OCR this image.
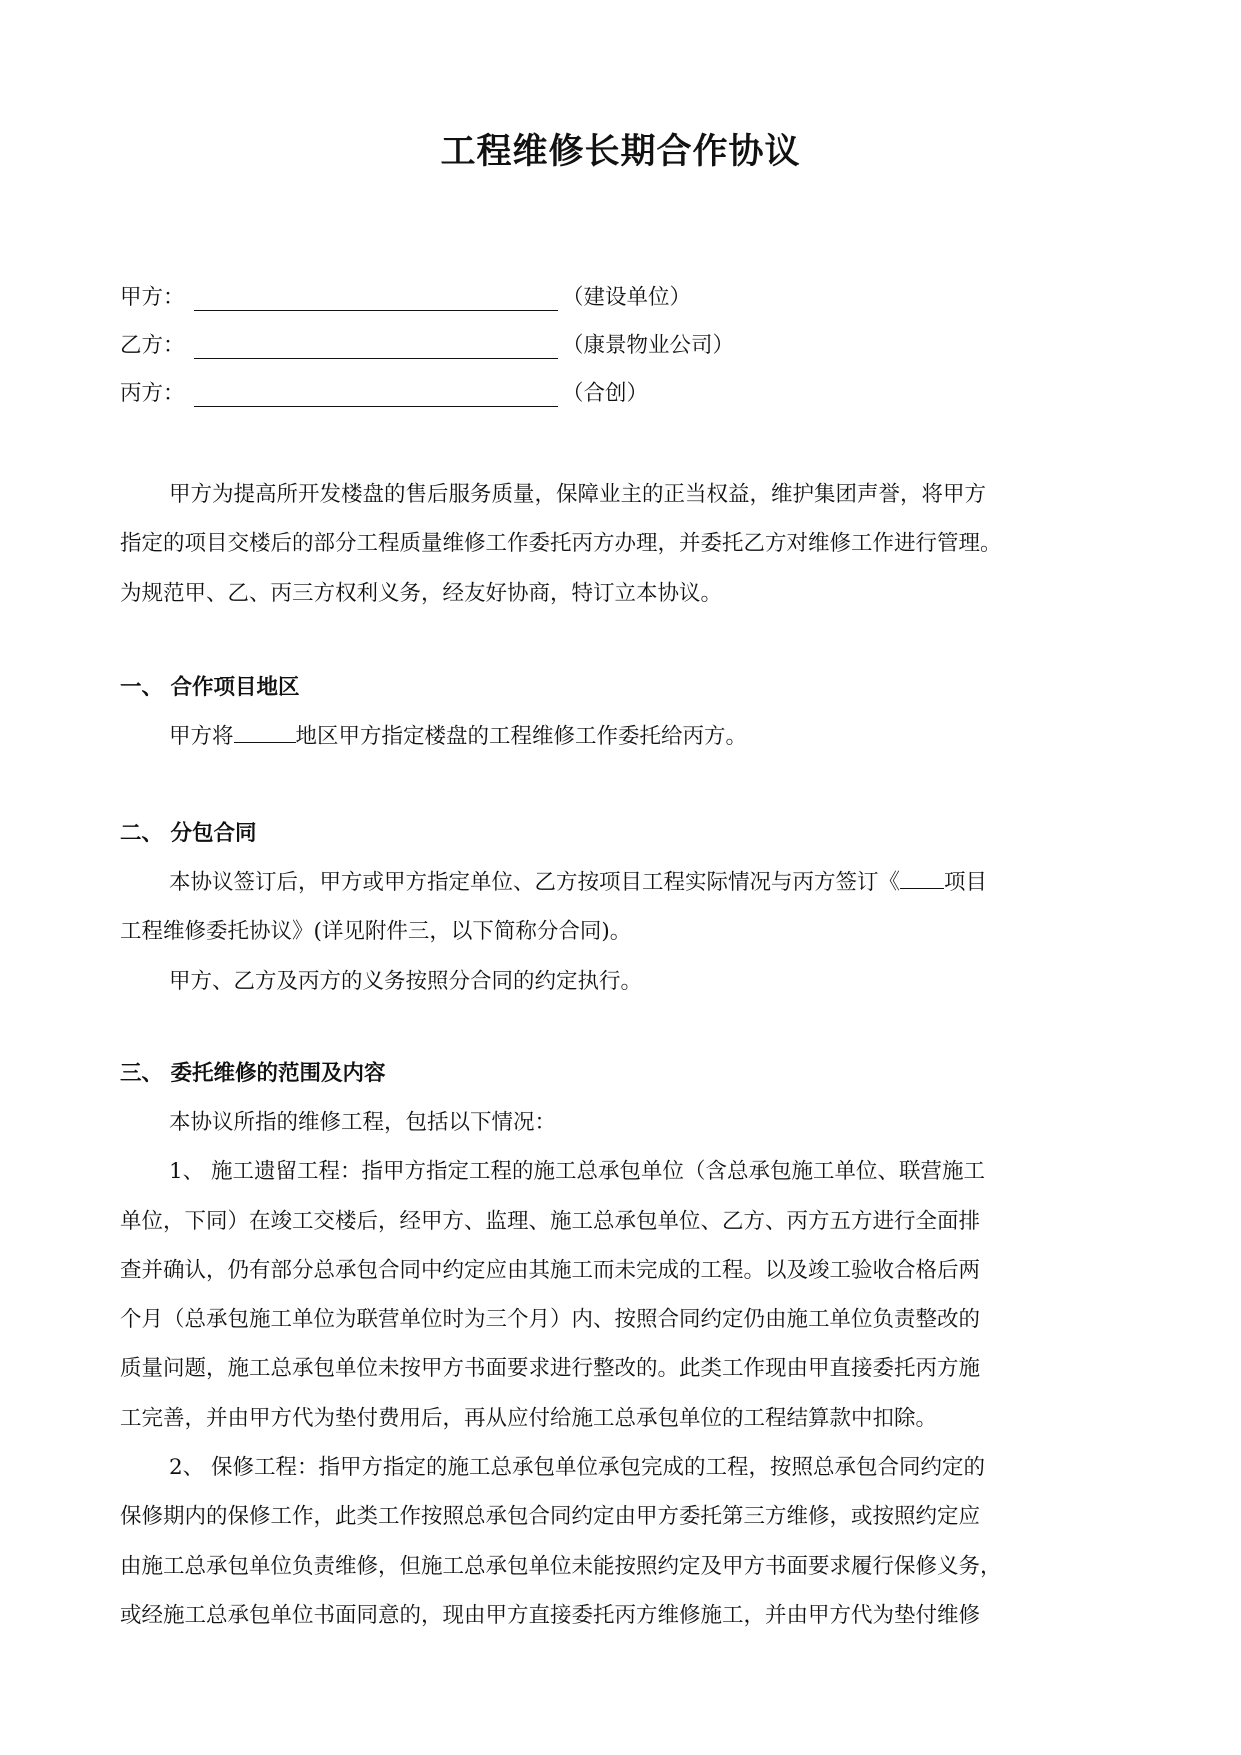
工程维修长期合作协议
甲方：	（建设单位）
乙方：	（康景物业公司）
丙方：	（合创）
甲方为提高所开发楼盘的售后服务质量，保障业主的正当权益，维护集团声誉，将甲方
指定的项目交楼后的部分工程质量维修工作委托丙方办理，并委托乙方对维修工作进行管理。
为规范甲、乙、丙三方权利义务，经友好协商，特订立本协议。
一、 合作项目地区
甲方将	地区甲方指定楼盘的工程维修工作委托给丙方。
二、 分包合同
本协议签订后，甲方或甲方指定单位、乙方按项目工程实际情况与丙方签订《 项目
工程维修委托协议》(详见附件三，以下简称分合同)。
甲方、乙方及丙方的义务按照分合同的约定执行。
三、 委托维修的范围及内容
本协议所指的维修工程，包括以下情况：
1、 施工遗留工程：指甲方指定工程的施工总承包单位（含总承包施工单位、联营施工
单位，下同）在竣工交楼后，经甲方、监理、施工总承包单位、乙方、丙方五方进行全面排
查并确认，仍有部分总承包合同中约定应由其施工而未完成的工程。以及竣工验收合格后两
个月（总承包施工单位为联营单位时为三个月）内、按照合同约定仍由施工单位负责整改的
质量问题，施工总承包单位未按甲方书面要求进行整改的。此类工作现由甲直接委托丙方施
工完善，并由甲方代为垫付费用后，再从应付给施工总承包单位的工程结算款中扣除。
2、 保修工程：指甲方指定的施工总承包单位承包完成的工程，按照总承包合同约定的
保修期内的保修工作，此类工作按照总承包合同约定由甲方委托第三方维修，或按照约定应
由施工总承包单位负责维修，但施工总承包单位未能按照约定及甲方书面要求履行保修义务，
或经施工总承包单位书面同意的，现由甲方直接委托丙方维修施工，并由甲方代为垫付维修
